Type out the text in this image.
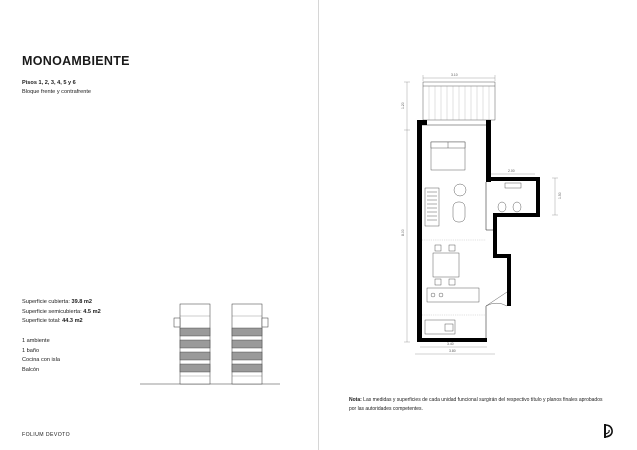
MONOAMBIENTE
Pisos 1, 2, 3, 4, 5 y 6
Bloque frente y contrafrente
Superficie cubierta: 39.8 m2
Superficie semicubierta: 4.5 m2
Superficie total: 44.3 m2
1 ambiente
1 baño
Cocina con isla
Balcón
FOLIUM DEVOTO
3.10
1.20
8.00
2.00
1.50
3.40
3.80
Nota: Las medidas y superficies de cada unidad funcional surgirán del respectivo título y planos finales aprobados por las autoridades competentes.
